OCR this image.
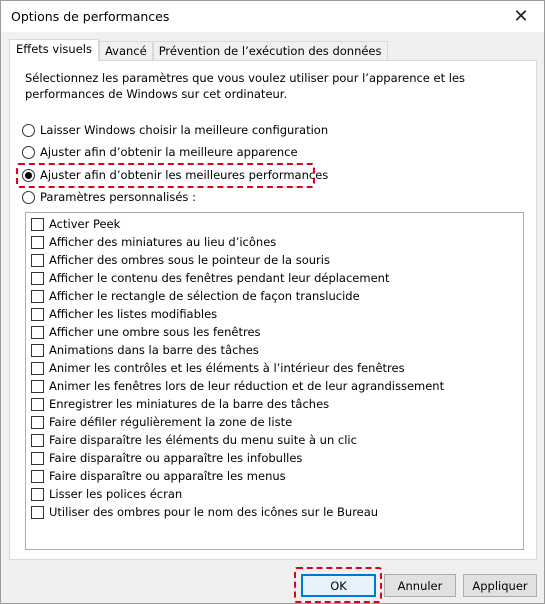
Options de performances	✕
Effets visuels	Avancé	Prévention de l’exécution des données
Sélectionnez les paramètres que vous voulez utiliser pour l’apparence et les performances de Windows sur cet ordinateur.
Laisser Windows choisir la meilleure configuration
Ajuster afin d’obtenir la meilleure apparence
Ajuster afin d’obtenir les meilleures performances
Paramètres personnalisés :
Activer Peek
Afficher des miniatures au lieu d’icônes
Afficher des ombres sous le pointeur de la souris
Afficher le contenu des fenêtres pendant leur déplacement
Afficher le rectangle de sélection de façon translucide
Afficher les listes modifiables
Afficher une ombre sous les fenêtres
Animations dans la barre des tâches
Animer les contrôles et les éléments à l’intérieur des fenêtres
Animer les fenêtres lors de leur réduction et de leur agrandissement
Enregistrer les miniatures de la barre des tâches
Faire défiler régulièrement la zone de liste
Faire disparaître les éléments du menu suite à un clic
Faire disparaître ou apparaître les infobulles
Faire disparaître ou apparaître les menus
Lisser les polices écran
Utiliser des ombres pour le nom des icônes sur le Bureau
OK	Annuler	Appliquer
